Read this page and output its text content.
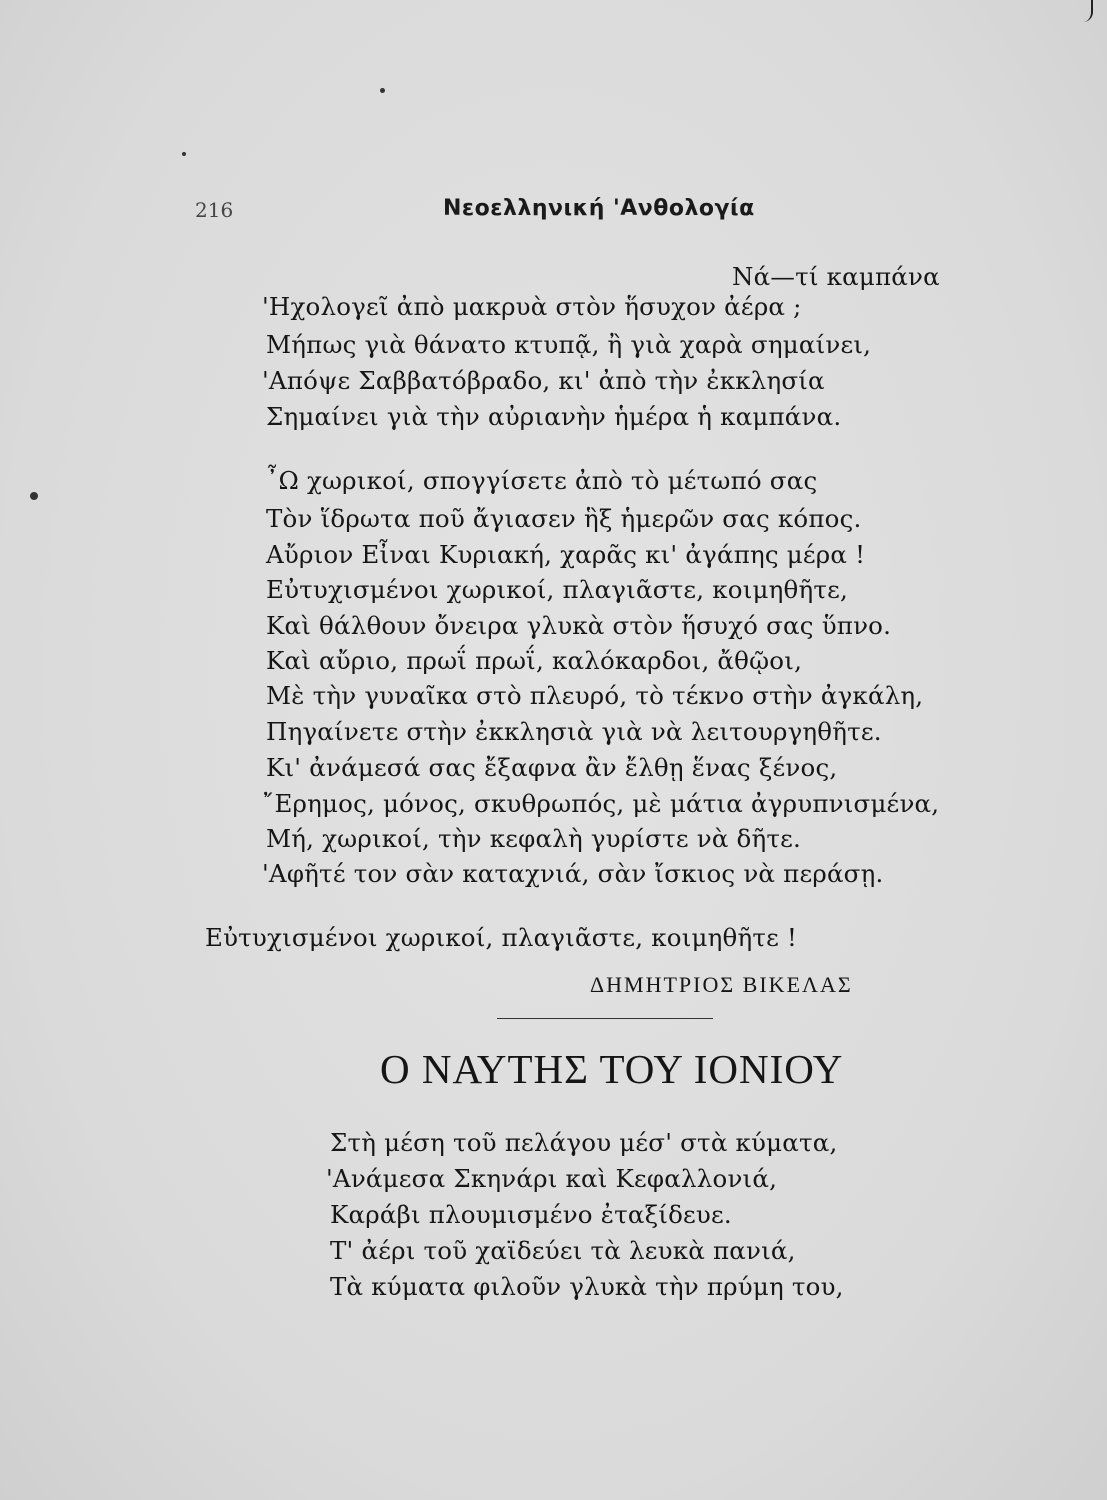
216	Νεοελληνική 'Ανθολογία
Νά—τί καμπάνα
'Ηχολογεῖ ἀπὸ μακρυὰ στὸν ἥσυχον ἀέρα ;
Μήπως γιὰ θάνατο κτυπᾷ, ἢ γιὰ χαρὰ σημαίνει,
'Απόψε Σαββατόβραδο, κι' ἀπὸ τὴν ἐκκλησία
Σημαίνει γιὰ τὴν αὐριανὴν ἡμέρα ἡ καμπάνα.
῏Ω χωρικοί, σπογγίσετε ἀπὸ τὸ μέτωπό σας
Τὸν ἵδρωτα ποῦ ἄγιασεν ἣξ ἡμερῶν σας κόπος.
Αὔριον Εἶναι Κυριακή, χαρᾶς κι' ἀγάπης μέρα !
Εὐτυχισμένοι χωρικοί, πλαγιᾶστε, κοιμηθῆτε,
Καὶ θάλθουν ὄνειρα γλυκὰ στὸν ἥσυχό σας ὕπνο.
Καὶ αὔριο, πρωΐ πρωΐ, καλόκαρδοι, ἄθῷοι,
Μὲ τὴν γυναῖκα στὸ πλευρό, τὸ τέκνο στὴν ἀγκάλη,
Πηγαίνετε στὴν ἐκκλησιὰ γιὰ νὰ λειτουργηθῆτε.
Κι' ἀνάμεσά σας ἔξαφνα ἂν ἔλθῃ ἕνας ξένος,
῎Ερημος, μόνος, σκυθρωπός, μὲ μάτια ἀγρυπνισμένα,
Μή, χωρικοί, τὴν κεφαλὴ γυρίστε νὰ δῆτε.
'Αφῆτέ τον σὰν καταχνιά, σὰν ἴσκιος νὰ περάσῃ.
Εὐτυχισμένοι χωρικοί, πλαγιᾶστε, κοιμηθῆτε !
ΔΗΜΗΤΡΙΟΣ ΒΙΚΕΛΑΣ
Ο ΝΑΥΤΗΣ ΤΟΥ ΙΟΝΙΟΥ
Στὴ μέση τοῦ πελάγου μέσ' στὰ κύματα,
'Ανάμεσα Σκηνάρι καὶ Κεφαλλονιά,
Καράβι πλουμισμένο ἐταξίδευε.
Τ' ἀέρι τοῦ χαϊδεύει τὰ λευκὰ πανιά,
Τὰ κύματα φιλοῦν γλυκὰ τὴν πρύμη του,
